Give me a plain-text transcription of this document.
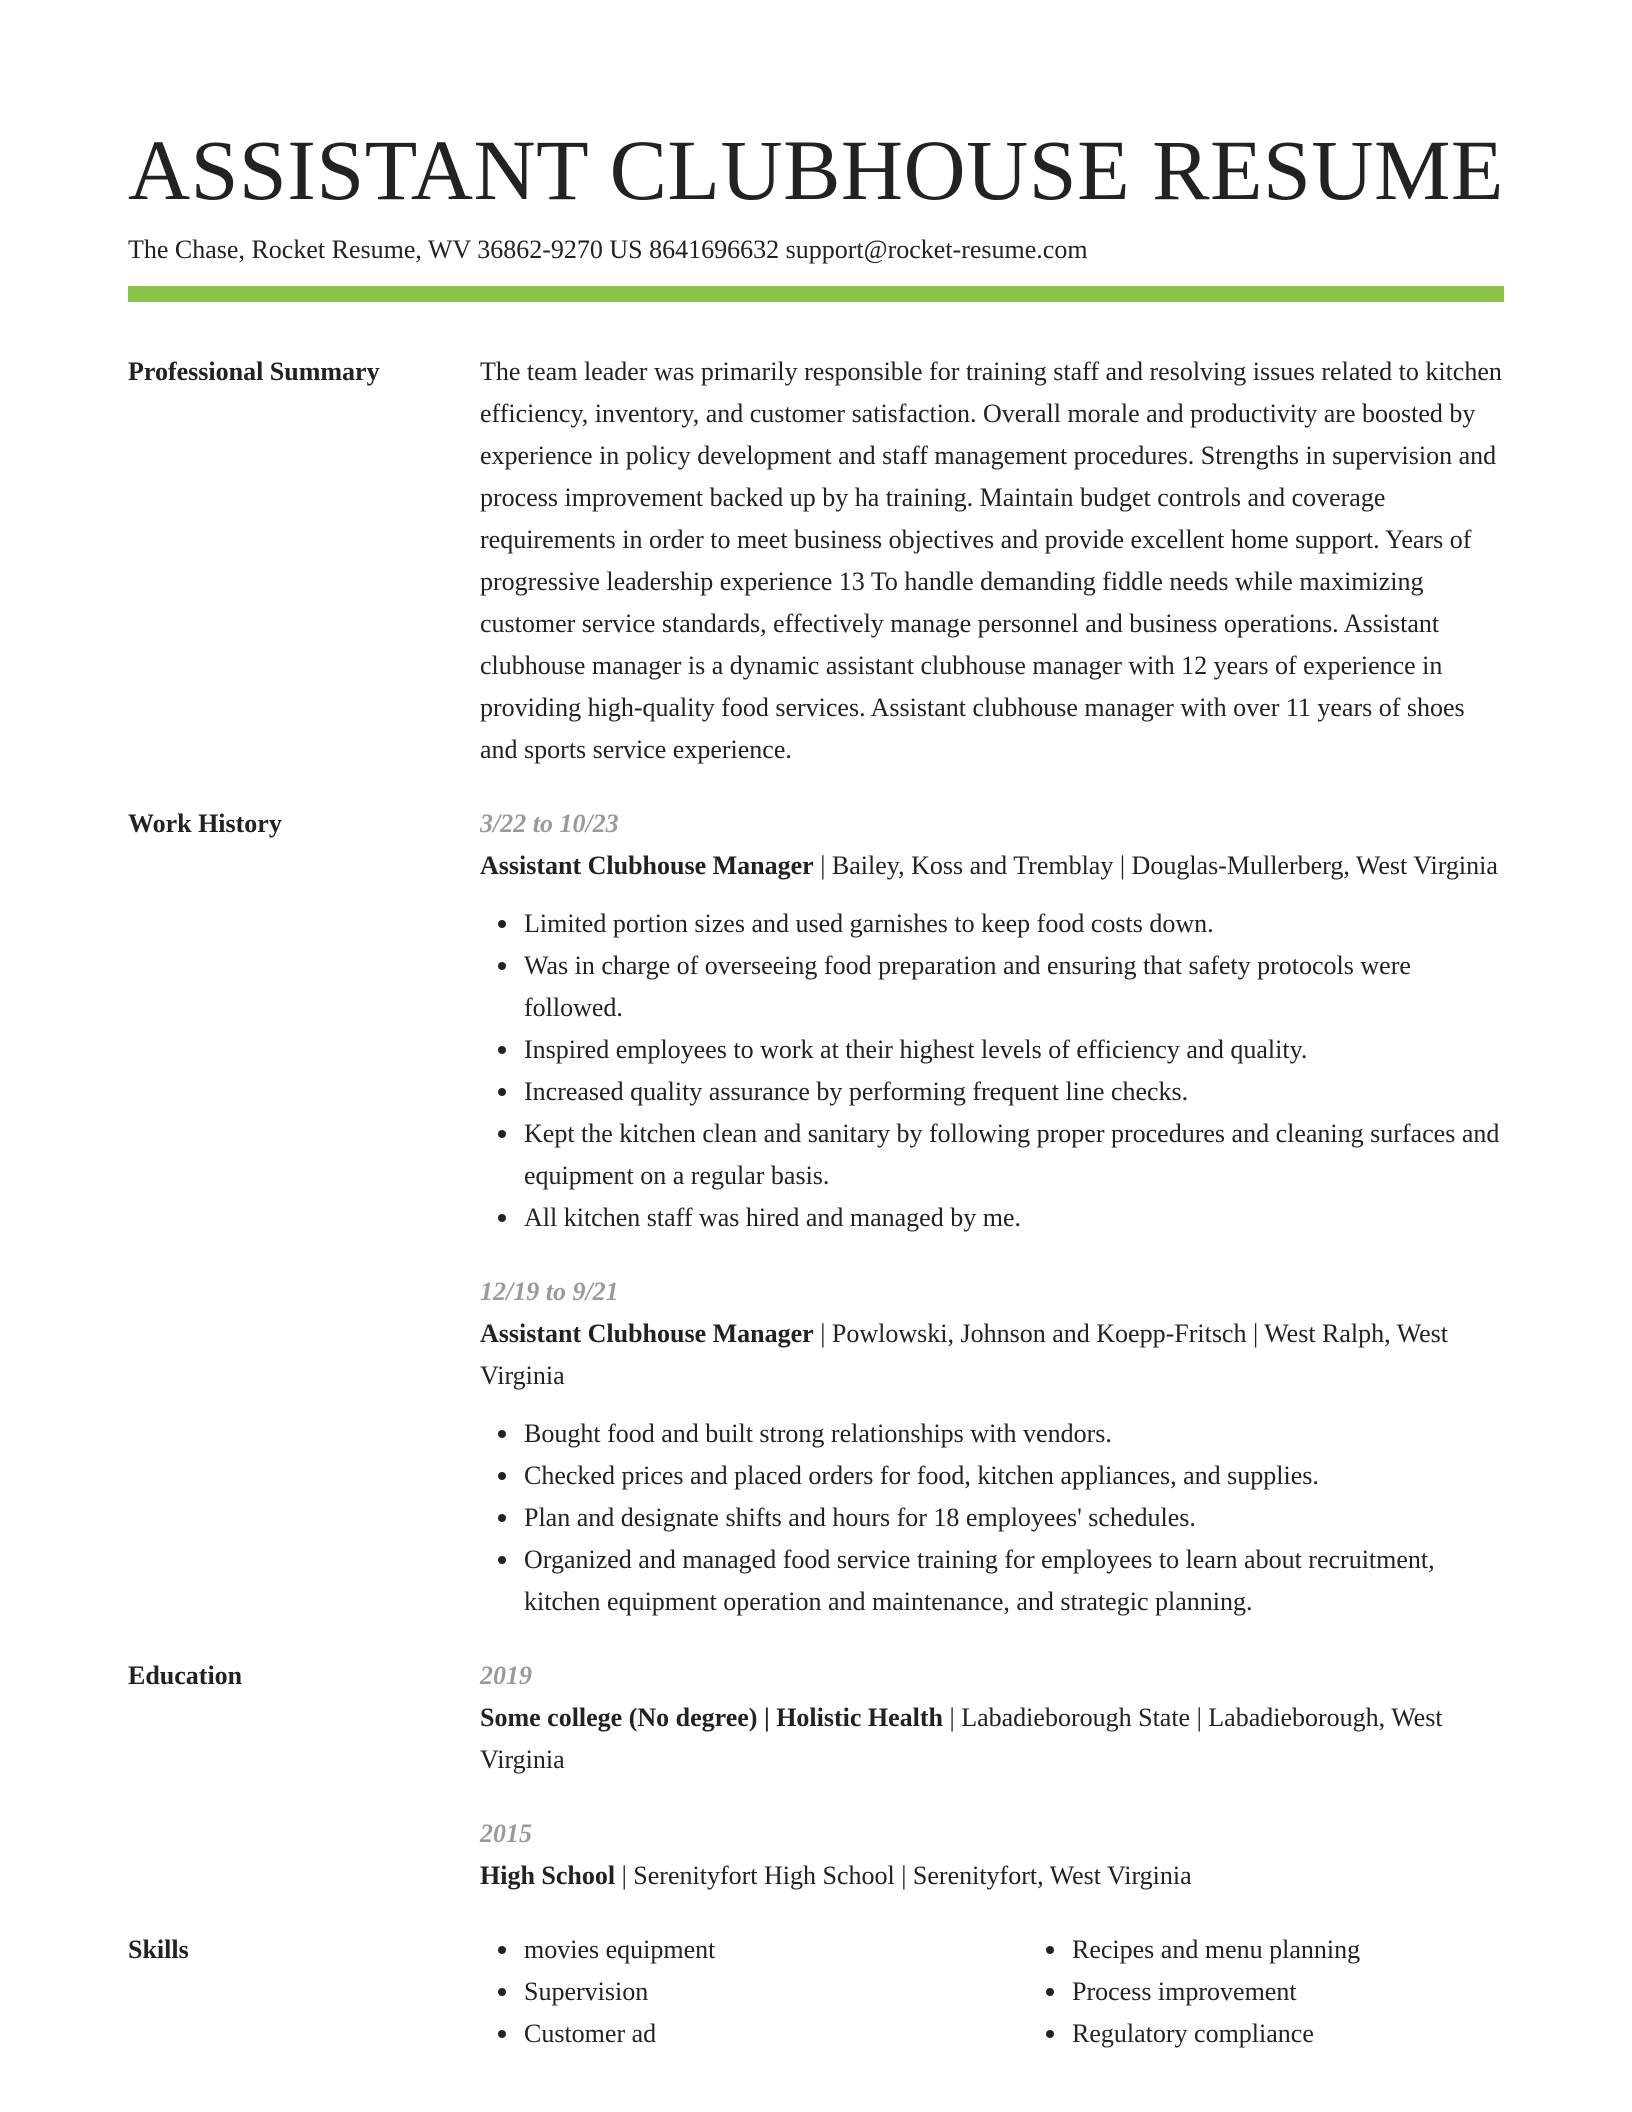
ASSISTANT CLUBHOUSE RESUME
The Chase, Rocket Resume, WV 36862-9270 US 8641696632 support@rocket-resume.com
Professional Summary	The team leader was primarily responsible for training staff and resolving issues related to kitchen efficiency, inventory, and customer satisfaction. Overall morale and productivity are boosted by experience in policy development and staff management procedures. Strengths in supervision and process improvement backed up by ha training. Maintain budget controls and coverage requirements in order to meet business objectives and provide excellent home support. Years of progressive leadership experience 13 To handle demanding fiddle needs while maximizing customer service standards, effectively manage personnel and business operations. Assistant clubhouse manager is a dynamic assistant clubhouse manager with 12 years of experience in providing high-quality food services. Assistant clubhouse manager with over 11 years of shoes and sports service experience.
Work History	3/22 to 10/23
Assistant Clubhouse Manager | Bailey, Koss and Tremblay | Douglas-Mullerberg, West Virginia
Limited portion sizes and used garnishes to keep food costs down.
Was in charge of overseeing food preparation and ensuring that safety protocols were followed.
Inspired employees to work at their highest levels of efficiency and quality.
Increased quality assurance by performing frequent line checks.
Kept the kitchen clean and sanitary by following proper procedures and cleaning surfaces and equipment on a regular basis.
All kitchen staff was hired and managed by me.
12/19 to 9/21
Assistant Clubhouse Manager | Powlowski, Johnson and Koepp-Fritsch | West Ralph, West Virginia
Bought food and built strong relationships with vendors.
Checked prices and placed orders for food, kitchen appliances, and supplies.
Plan and designate shifts and hours for 18 employees' schedules.
Organized and managed food service training for employees to learn about recruitment, kitchen equipment operation and maintenance, and strategic planning.
Education	2019
Some college (No degree) | Holistic Health | Labadieborough State | Labadieborough, West Virginia
2015
High School | Serenityfort High School | Serenityfort, West Virginia
Skills	movies equipment
Supervision
Customer ad
Recipes and menu planning
Process improvement
Regulatory compliance
